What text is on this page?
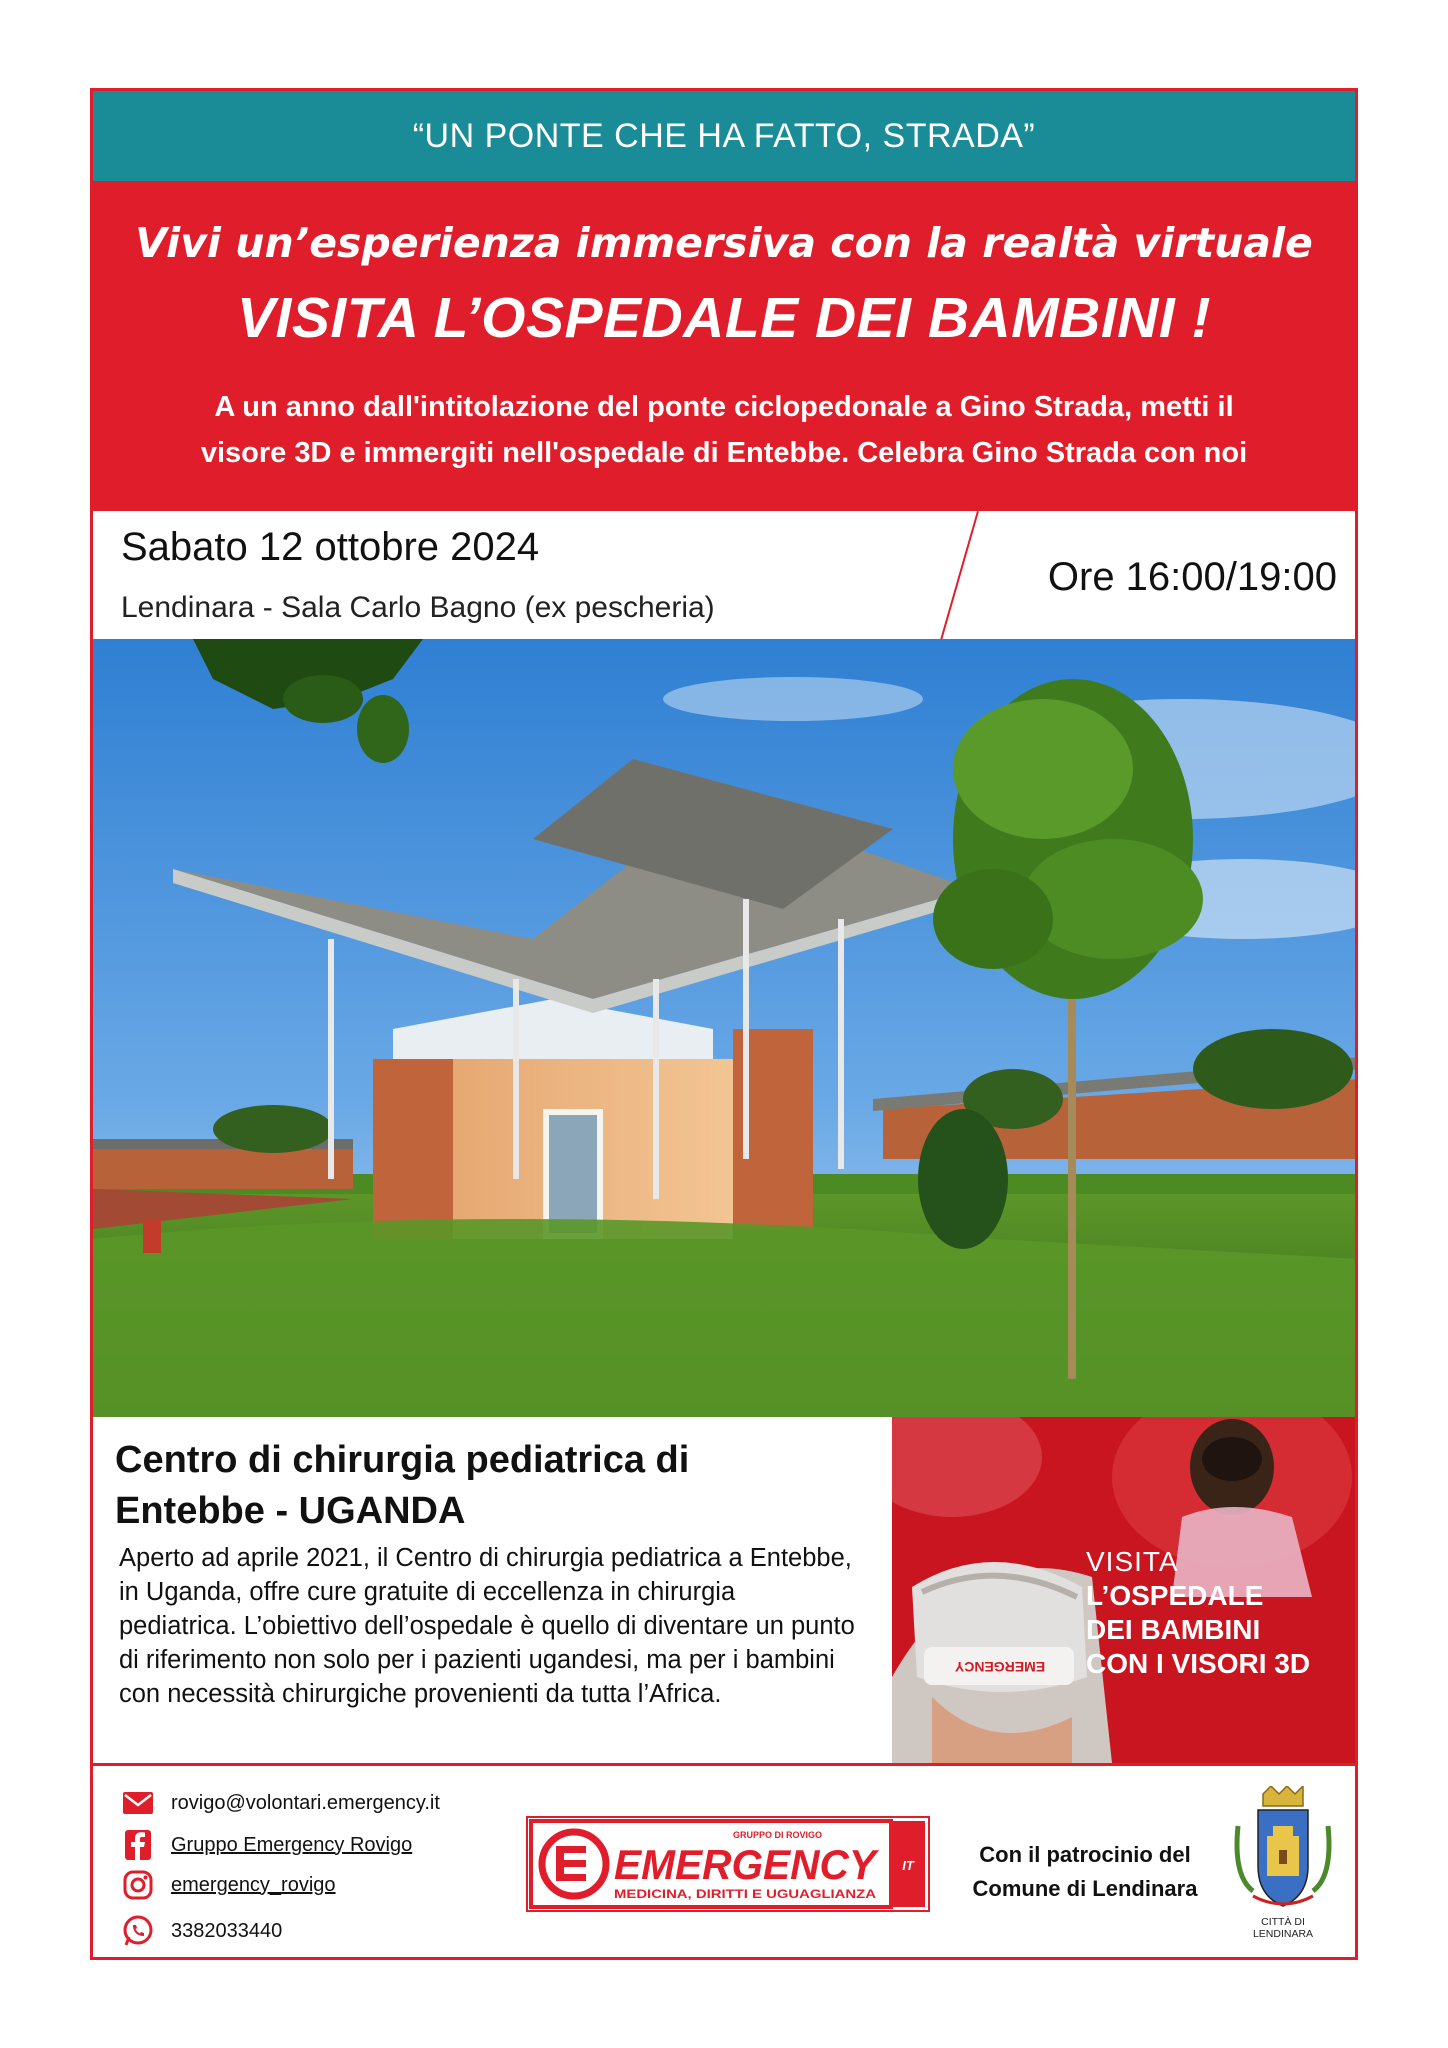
“UN PONTE CHE HA FATTO, STRADA”
Vivi un’esperienza immersiva con la realtà virtuale
VISITA L’OSPEDALE DEI BAMBINI !
A un anno dall'intitolazione del ponte ciclopedonale a Gino Strada, metti il
visore 3D e immergiti nell'ospedale di Entebbe. Celebra Gino Strada con noi
Sabato 12 ottobre 2024
Lendinara - Sala Carlo Bagno (ex pescheria)
Ore 16:00/19:00
Centro di chirurgia pediatrica di
Entebbe - UGANDA
Aperto ad aprile 2021, il Centro di chirurgia pediatrica a Entebbe, in Uganda, offre cure gratuite di eccellenza in chirurgia pediatrica. L’obiettivo dell’ospedale è quello di diventare un punto di riferimento non solo per i pazienti ugandesi, ma per i bambini con necessità chirurgiche provenienti da tutta l’Africa.
EMERGENCY
VISITA
L’OSPEDALE
DEI BAMBINI
CON I VISORI 3D
rovigo@volontari.emergency.it
Gruppo Emergency Rovigo
emergency_rovigo
3382033440
GRUPPO DI ROVIGO
EMERGENCY
MEDICINA, DIRITTI E UGUAGLIANZA
IT	Con il patrocinio del
Comune di Lendinara
CITTÀ DI
LENDINARA
